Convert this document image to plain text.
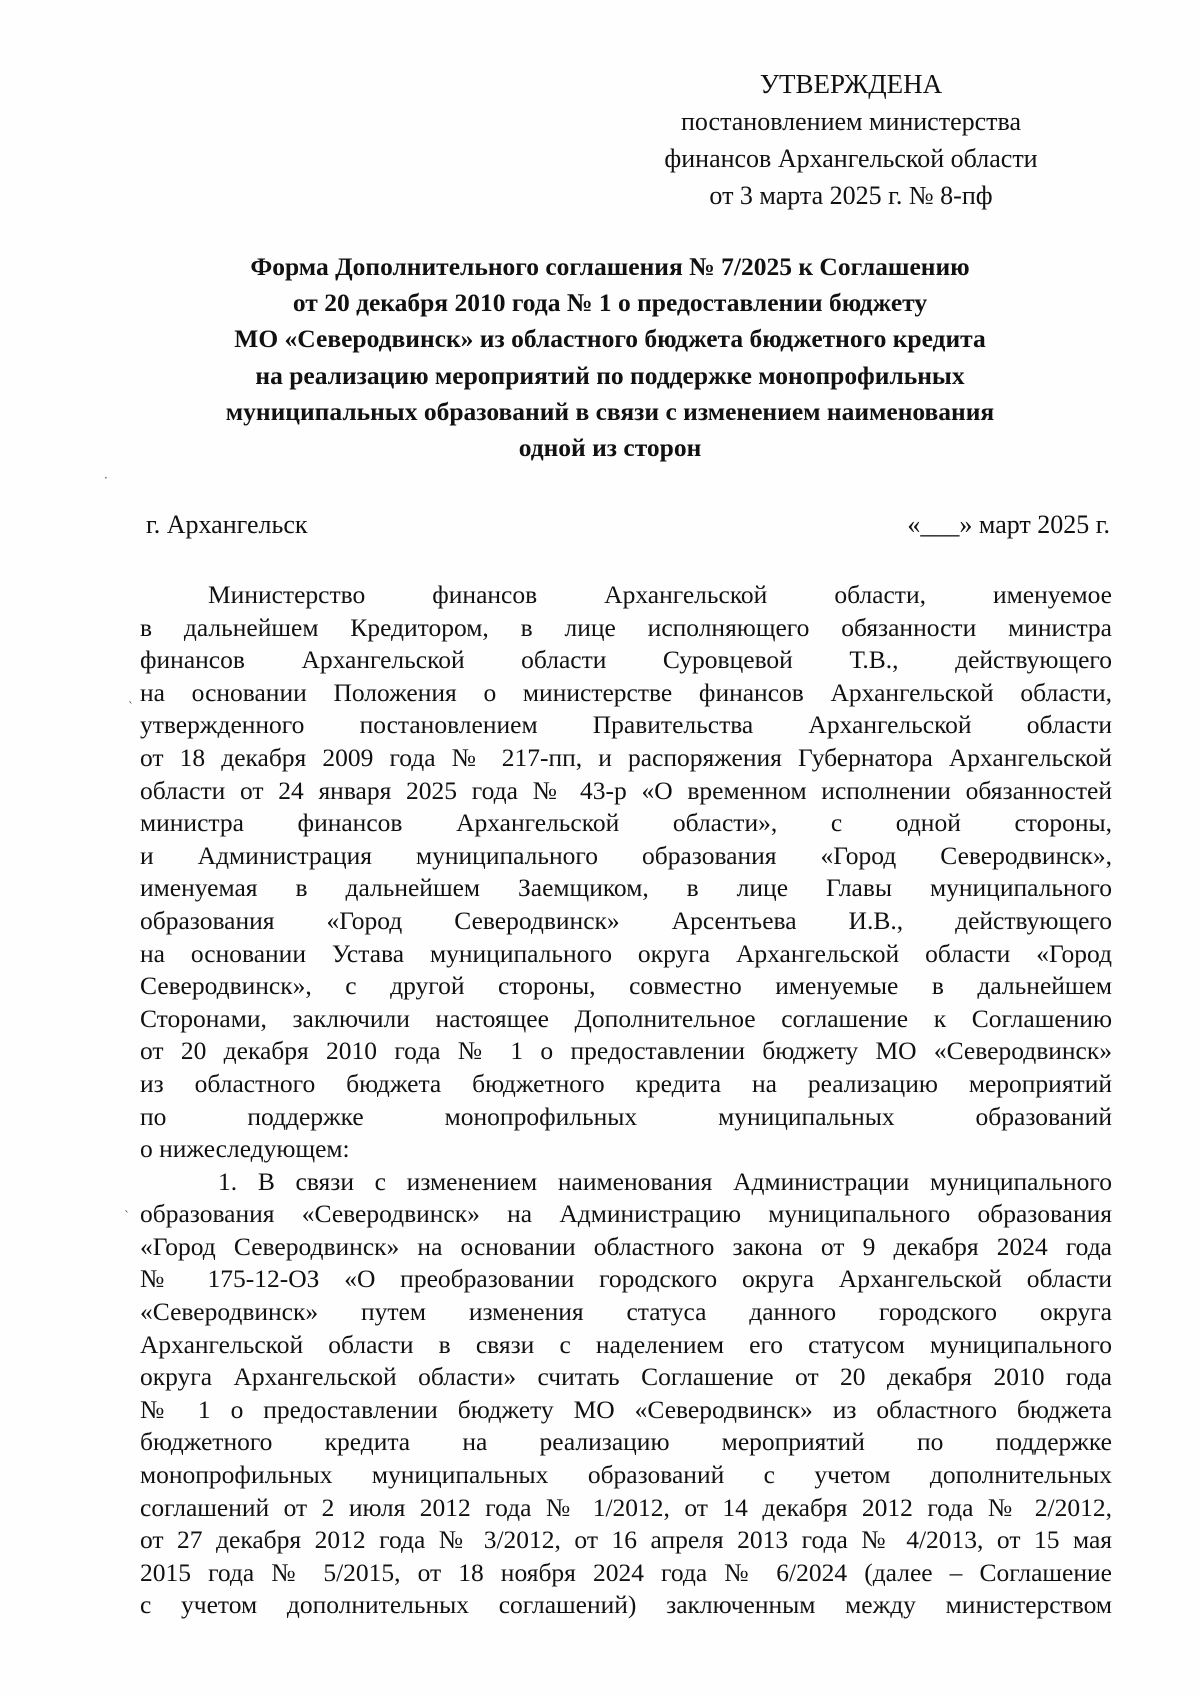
УТВЕРЖДЕНА
постановлением министерства
финансов Архангельской области
от 3 марта 2025 г. № 8-пф
Форма Дополнительного соглашения № 7/2025 к Соглашению
от 20 декабря 2010 года № 1 о предоставлении бюджету
МО «Северодвинск» из областного бюджета бюджетного кредита
на реализацию мероприятий по поддержке монопрофильных
муниципальных образований в связи с изменением наименования
одной из сторон
г. Архангельск	«___» март 2025 г.
Министерство финансов Архангельской области, именуемое
в дальнейшем Кредитором, в лице исполняющего обязанности министра
финансов Архангельской области Суровцевой Т.В., действующего
на основании Положения о министерстве финансов Архангельской области,
утвержденного постановлением Правительства Архангельской области
от 18 декабря 2009 года № 217-пп, и распоряжения Губернатора Архангельской
области от 24 января 2025 года № 43-р «О временном исполнении обязанностей
министра финансов Архангельской области», с одной стороны,
и Администрация муниципального образования «Город Северодвинск»,
именуемая в дальнейшем Заемщиком, в лице Главы муниципального
образования «Город Северодвинск» Арсентьева И.В., действующего
на основании Устава муниципального округа Архангельской области «Город
Северодвинск», с другой стороны, совместно именуемые в дальнейшем
Сторонами, заключили настоящее Дополнительное соглашение к Соглашению
от 20 декабря 2010 года № 1 о предоставлении бюджету МО «Северодвинск»
из областного бюджета бюджетного кредита на реализацию мероприятий
по поддержке монопрофильных муниципальных образований
о нижеследующем:
1. В связи с изменением наименования Администрации муниципального
образования «Северодвинск» на Администрацию муниципального образования
«Город Северодвинск» на основании областного закона от 9 декабря 2024 года
№ 175-12-ОЗ «О преобразовании городского округа Архангельской области
«Северодвинск» путем изменения статуса данного городского округа
Архангельской области в связи с наделением его статусом муниципального
округа Архангельской области» считать Соглашение от 20 декабря 2010 года
№ 1 о предоставлении бюджету МО «Северодвинск» из областного бюджета
бюджетного кредита на реализацию мероприятий по поддержке
монопрофильных муниципальных образований с учетом дополнительных
соглашений от 2 июля 2012 года № 1/2012, от 14 декабря 2012 года № 2/2012,
от 27 декабря 2012 года № 3/2012, от 16 апреля 2013 года № 4/2013, от 15 мая
2015 года № 5/2015, от 18 ноября 2024 года № 6/2024 (далее – Соглашение
с учетом дополнительных соглашений) заключенным между министерством
`
`
·
